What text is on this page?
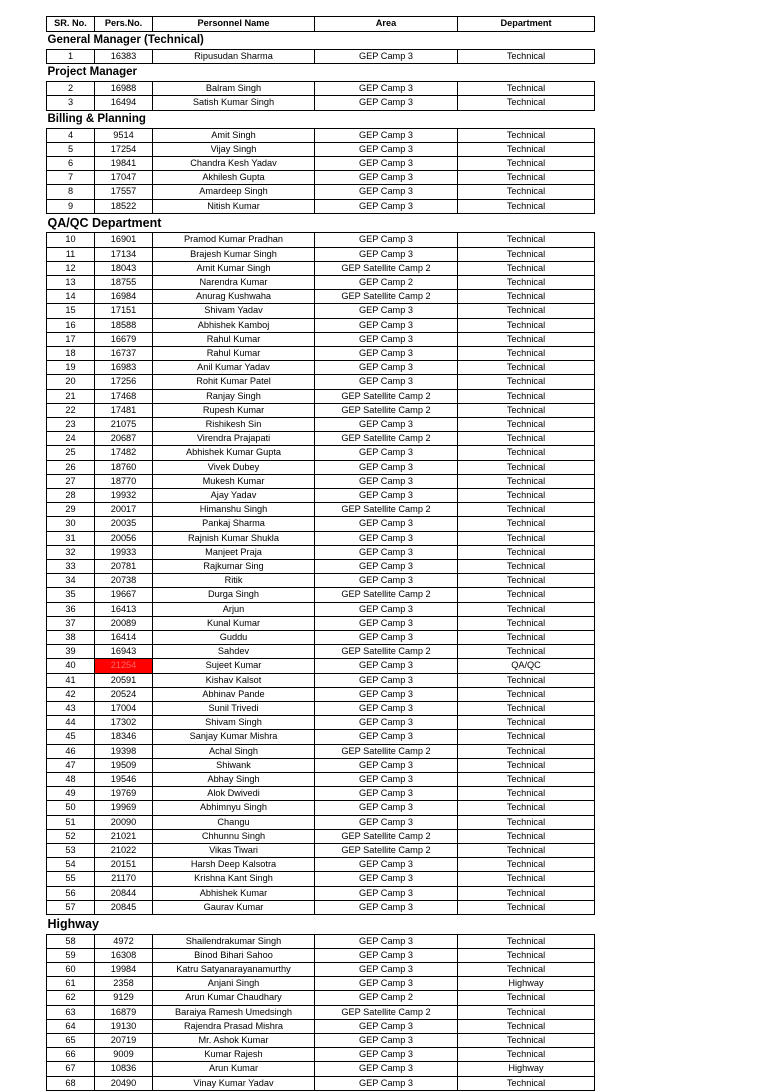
SR. No.	Pers.No.	Personnel Name	Area	Department
General Manager (Technical)				
1	16383	Ripusudan Sharma	GEP Camp 3	Technical
Project Manager				
2	16988	Balram Singh	GEP Camp 3	Technical
3	16494	Satish Kumar Singh	GEP Camp 3	Technical
Billing & Planning				
4	9514	Amit Singh	GEP Camp 3	Technical
5	17254	Vijay Singh	GEP Camp 3	Technical
6	19841	Chandra Kesh Yadav	GEP Camp 3	Technical
7	17047	Akhilesh Gupta	GEP Camp 3	Technical
8	17557	Amardeep Singh	GEP Camp 3	Technical
9	18522	Nitish Kumar	GEP Camp 3	Technical
QA/QC Department				
10	16901	Pramod Kumar Pradhan	GEP Camp 3	Technical
11	17134	Brajesh Kumar Singh	GEP Camp 3	Technical
12	18043	Amit Kumar Singh	GEP Satellite Camp 2	Technical
13	18755	Narendra Kumar	GEP Camp 2	Technical
14	16984	Anurag Kushwaha	GEP Satellite Camp 2	Technical
15	17151	Shivam Yadav	GEP Camp 3	Technical
16	18588	Abhishek Kamboj	GEP Camp 3	Technical
17	16679	Rahul Kumar	GEP Camp 3	Technical
18	16737	Rahul Kumar	GEP Camp 3	Technical
19	16983	Anil Kumar Yadav	GEP Camp 3	Technical
20	17256	Rohit Kumar Patel	GEP Camp 3	Technical
21	17468	Ranjay Singh	GEP Satellite Camp 2	Technical
22	17481	Rupesh Kumar	GEP Satellite Camp 2	Technical
23	21075	Rishikesh Sin	GEP Camp 3	Technical
24	20687	Virendra Prajapati	GEP Satellite Camp 2	Technical
25	17482	Abhishek Kumar Gupta	GEP Camp 3	Technical
26	18760	Vivek Dubey	GEP Camp 3	Technical
27	18770	Mukesh Kumar	GEP Camp 3	Technical
28	19932	Ajay Yadav	GEP Camp 3	Technical
29	20017	Himanshu Singh	GEP Satellite Camp 2	Technical
30	20035	Pankaj Sharma	GEP Camp 3	Technical
31	20056	Rajnish Kumar Shukla	GEP Camp 3	Technical
32	19933	Manjeet Praja	GEP Camp 3	Technical
33	20781	Rajkumar Sing	GEP Camp 3	Technical
34	20738	Ritik	GEP Camp 3	Technical
35	19667	Durga Singh	GEP Satellite Camp 2	Technical
36	16413	Arjun	GEP Camp 3	Technical
37	20089	Kunal Kumar	GEP Camp 3	Technical
38	16414	Guddu	GEP Camp 3	Technical
39	16943	Sahdev	GEP Satellite Camp 2	Technical
40	21254	Sujeet Kumar	GEP Camp 3	QA/QC
41	20591	Kishav Kalsot	GEP Camp 3	Technical
42	20524	Abhinav Pande	GEP Camp 3	Technical
43	17004	Sunil Trivedi	GEP Camp 3	Technical
44	17302	Shivam Singh	GEP Camp 3	Technical
45	18346	Sanjay Kumar Mishra	GEP Camp 3	Technical
46	19398	Achal Singh	GEP Satellite Camp 2	Technical
47	19509	Shiwank	GEP Camp 3	Technical
48	19546	Abhay Singh	GEP Camp 3	Technical
49	19769	Alok Dwivedi	GEP Camp 3	Technical
50	19969	Abhimnyu Singh	GEP Camp 3	Technical
51	20090	Changu	GEP Camp 3	Technical
52	21021	Chhunnu Singh	GEP Satellite Camp 2	Technical
53	21022	Vikas Tiwari	GEP Satellite Camp 2	Technical
54	20151	Harsh Deep Kalsotra	GEP Camp 3	Technical
55	21170	Krishna Kant Singh	GEP Camp 3	Technical
56	20844	Abhishek Kumar	GEP Camp 3	Technical
57	20845	Gaurav Kumar	GEP Camp 3	Technical
Highway				
58	4972	Shailendrakumar Singh	GEP Camp 3	Technical
59	16308	Binod Bihari Sahoo	GEP Camp 3	Technical
60	19984	Katru Satyanarayanamurthy	GEP Camp 3	Technical
61	2358	Anjani Singh	GEP Camp 3	Highway
62	9129	Arun Kumar Chaudhary	GEP Camp 2	Technical
63	16879	Baraiya Ramesh Umedsingh	GEP Satellite Camp 2	Technical
64	19130	Rajendra Prasad Mishra	GEP Camp 3	Technical
65	20719	Mr. Ashok Kumar	GEP Camp 3	Technical
66	9009	Kumar Rajesh	GEP Camp 3	Technical
67	10836	Arun Kumar	GEP Camp 3	Highway
68	20490	Vinay Kumar Yadav	GEP Camp 3	Technical
